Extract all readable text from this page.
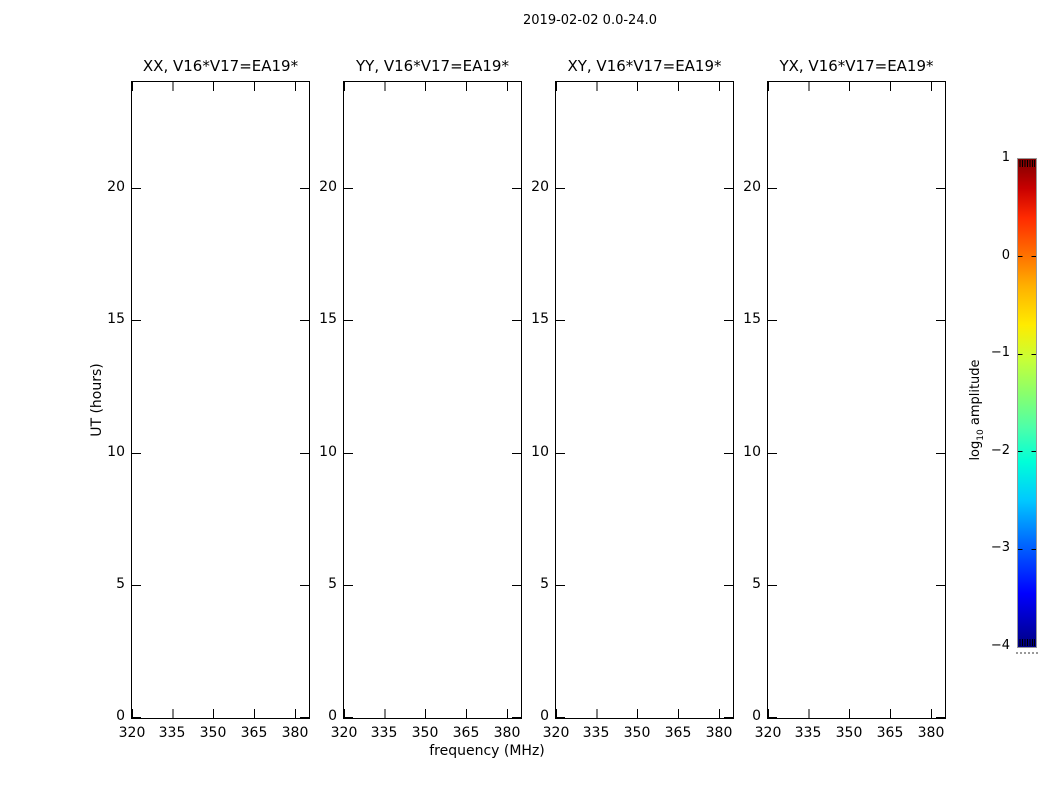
2019-02-02 0.0-24.0
XX, V16*V17=EA19*
20
15
10
5
0
320 335 350 365 380
YY, V16*V17=EA19*
20
15
10
5
0
320 335 350 365 380
XY, V16*V17=EA19*
20
15
10
5
0
320 335 350 365 380
YX, V16*V17=EA19*
20
15
10
5
0
320 335 350 365 380
UT (hours)
frequency (MHz)
1
0
−1
−2
−3
−4
$\log_{10}$ amplitude
